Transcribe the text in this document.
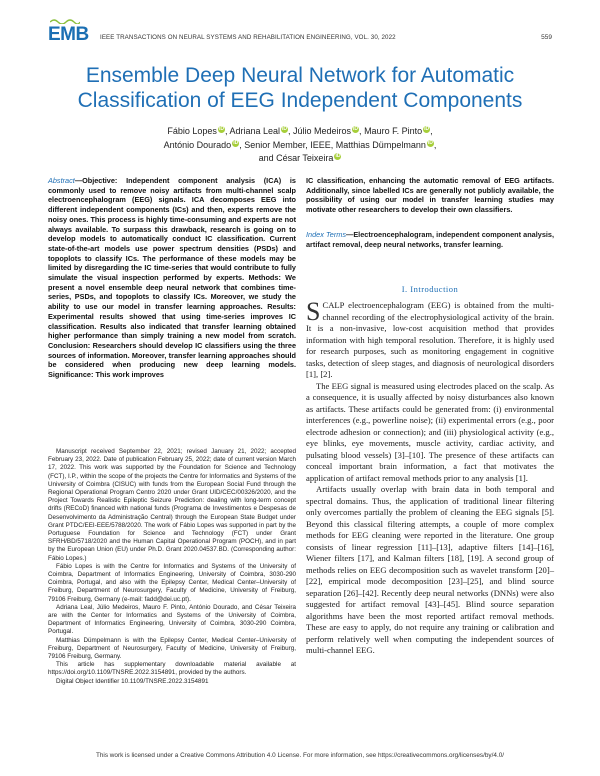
EMB IEEE TRANSACTIONS ON NEURAL SYSTEMS AND REHABILITATION ENGINEERING, VOL. 30, 2022	559
Ensemble Deep Neural Network for Automatic Classification of EEG Independent Components
Fábio Lopes iD, Adriana Leal iD, Júlio Medeiros iD, Mauro F. Pinto iD,
António Dourado iD, Senior Member, IEEE, Matthias Dümpelmann iD,
and César Teixeira iD
Abstract—Objective: Independent component analysis (ICA) is commonly used to remove noisy artifacts from multi-channel scalp electroencephalogram (EEG) signals. ICA decomposes EEG into different independent components (ICs) and then, experts remove the noisy ones. This process is highly time-consuming and experts are not always available. To surpass this drawback, research is going on to develop models to automatically conduct IC classification. Current state-of-the-art models use power spectrum densities (PSDs) and topoplots to classify ICs. The performance of these models may be limited by disregarding the IC time-series that would contribute to fully simulate the visual inspection performed by experts. Methods: We present a novel ensemble deep neural network that combines time-series, PSDs, and topoplots to classify ICs. Moreover, we study the ability to use our model in transfer learning approaches. Results: Experimental results showed that using time-series improves IC classification. Results also indicated that transfer learning obtained higher performance than simply training a new model from scratch. Conclusion: Researchers should develop IC classifiers using the three sources of information. Moreover, transfer learning approaches should be considered when producing new deep learning models. Significance: This work improves
IC classification, enhancing the automatic removal of EEG artifacts. Additionally, since labelled ICs are generally not publicly available, the possibility of using our model in transfer learning studies may motivate other researchers to develop their own classifiers.
Index Terms—Electroencephalogram, independent component analysis, artifact removal, deep neural networks, transfer learning.

Manuscript received September 22, 2021; revised January 21, 2022; accepted February 23, 2022. Date of publication February 25, 2022; date of current version March 17, 2022. This work was supported by the Foundation for Science and Technology (FCT), I.P., within the scope of the projects the Centre for Informatics and Systems of the University of Coimbra (CISUC) with funds from the European Social Fund through the Regional Operational Program Centro 2020 under Grant UID/CEC/00326/2020, and the Project Towards Realistic Epileptic Seizure Prediction: dealing with long-term concept drifts (RECoD) financed with national funds (Programa de Investimentos e Despesas de Desenvolvimento da Administração Central) through the European State Budget under Grant PTDC/EEI-EEE/5788/2020. The work of Fábio Lopes was supported in part by the Portuguese Foundation for Science and Technology (FCT) under Grant SFRH/BD/5718/2020 and the Human Capital Operational Program (POCH), and in part by the European Union (EU) under Ph.D. Grant 2020.04537.BD. (Corresponding author: Fábio Lopes.)

Fábio Lopes is with the Centre for Informatics and Systems of the University of Coimbra, Department of Informatics Engineering, University of Coimbra, 3030-290 Coimbra, Portugal, and also with the Epilepsy Center, Medical Center–University of Freiburg, Department of Neurosurgery, Faculty of Medicine, University of Freiburg, 79106 Freiburg, Germany (e-mail: fadd@dei.uc.pt).

Adriana Leal, Júlio Medeiros, Mauro F. Pinto, António Dourado, and César Teixeira are with the Center for Informatics and Systems of the University of Coimbra, Department of Informatics Engineering, University of Coimbra, 3030-290 Coimbra, Portugal.

Matthias Dümpelmann is with the Epilepsy Center, Medical Center–University of Freiburg, Department of Neurosurgery, Faculty of Medicine, University of Freiburg, 79106 Freiburg, Germany.

This article has supplementary downloadable material available at https://doi.org/10.1109/TNSRE.2022.3154891, provided by the authors.

Digital Object Identifier 10.1109/TNSRE.2022.3154891

I. Introduction

SCALP electroencephalogram (EEG) is obtained from the multi-channel recording of the electrophysiological activity of the brain. It is a non-invasive, low-cost acquisition method that provides information with high temporal resolution. Therefore, it is highly used for research purposes, such as monitoring engagement in cognitive tasks, detection of sleep stages, and diagnosis of neurological disorders [1], [2].

The EEG signal is measured using electrodes placed on the scalp. As a consequence, it is usually affected by noisy disturbances also known as artifacts. These artifacts could be generated from: (i) environmental interferences (e.g., powerline noise); (ii) experimental errors (e.g., poor electrode adhesion or connection); and (iii) physiological activity (e.g., eye blinks, eye movements, muscle activity, cardiac activity, and pulsating blood vessels) [3]–[10]. The presence of these artifacts can conceal important brain information, a fact that motivates the application of artifact removal methods prior to any analysis [1].

Artifacts usually overlap with brain data in both temporal and spectral domains. Thus, the application of traditional linear filtering only overcomes partially the problem of cleaning the EEG signals [5]. Beyond this classical filtering attempts, a couple of more complex methods for EEG cleaning were reported in the literature. One group consists of linear regression [11]–[13], adaptive filters [14]–[16], Wiener filters [17], and Kalman filters [18], [19]. A second group of methods relies on EEG decomposition such as wavelet transform [20]–[22], empirical mode decomposition [23]–[25], and blind source separation [26]–[42]. Recently deep neural networks (DNNs) were also suggested for artifact removal [43]–[45]. Blind source separation algorithms have been the most reported artifact removal methods. These are easy to apply, do not require any training or calibration and perform relatively well when computing the independent sources of multi-channel EEG.

This work is licensed under a Creative Commons Attribution 4.0 License. For more information, see https://creativecommons.org/licenses/by/4.0/
